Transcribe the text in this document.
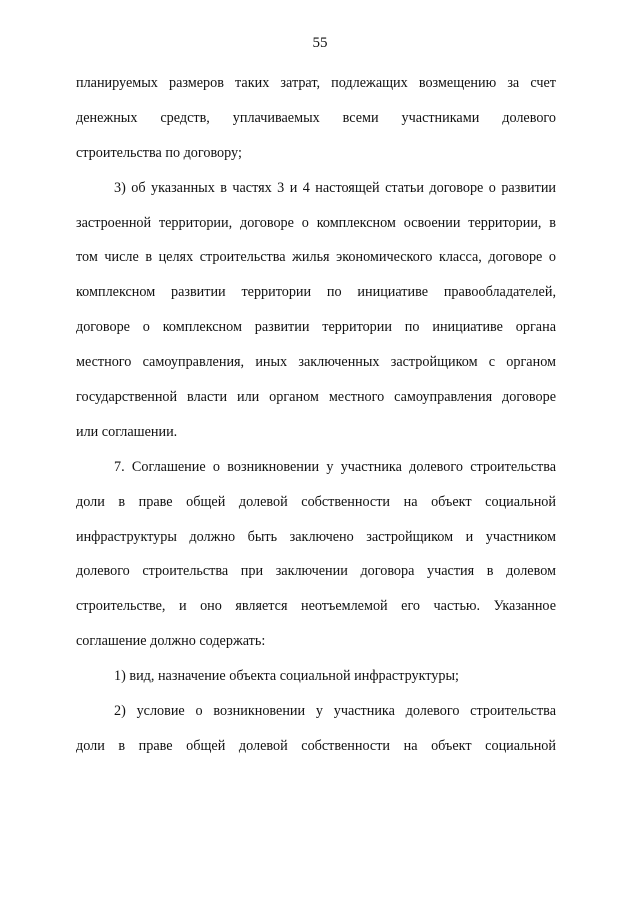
55
планируемых размеров таких затрат, подлежащих возмещению за счет
денежных средств, уплачиваемых всеми участниками долевого
строительства по договору;
3) об указанных в частях 3 и 4 настоящей статьи договоре о развитии
застроенной территории, договоре о комплексном освоении территории, в
том числе в целях строительства жилья экономического класса, договоре о
комплексном развитии территории по инициативе правообладателей,
договоре о комплексном развитии территории по инициативе органа
местного самоуправления, иных заключенных застройщиком с органом
государственной власти или органом местного самоуправления договоре
или соглашении.
7. Соглашение о возникновении у участника долевого строительства
доли в праве общей долевой собственности на объект социальной
инфраструктуры должно быть заключено застройщиком и участником
долевого строительства при заключении договора участия в долевом
строительстве, и оно является неотъемлемой его частью. Указанное
соглашение должно содержать:
1) вид, назначение объекта социальной инфраструктуры;
2) условие о возникновении у участника долевого строительства
доли в праве общей долевой собственности на объект социальной
